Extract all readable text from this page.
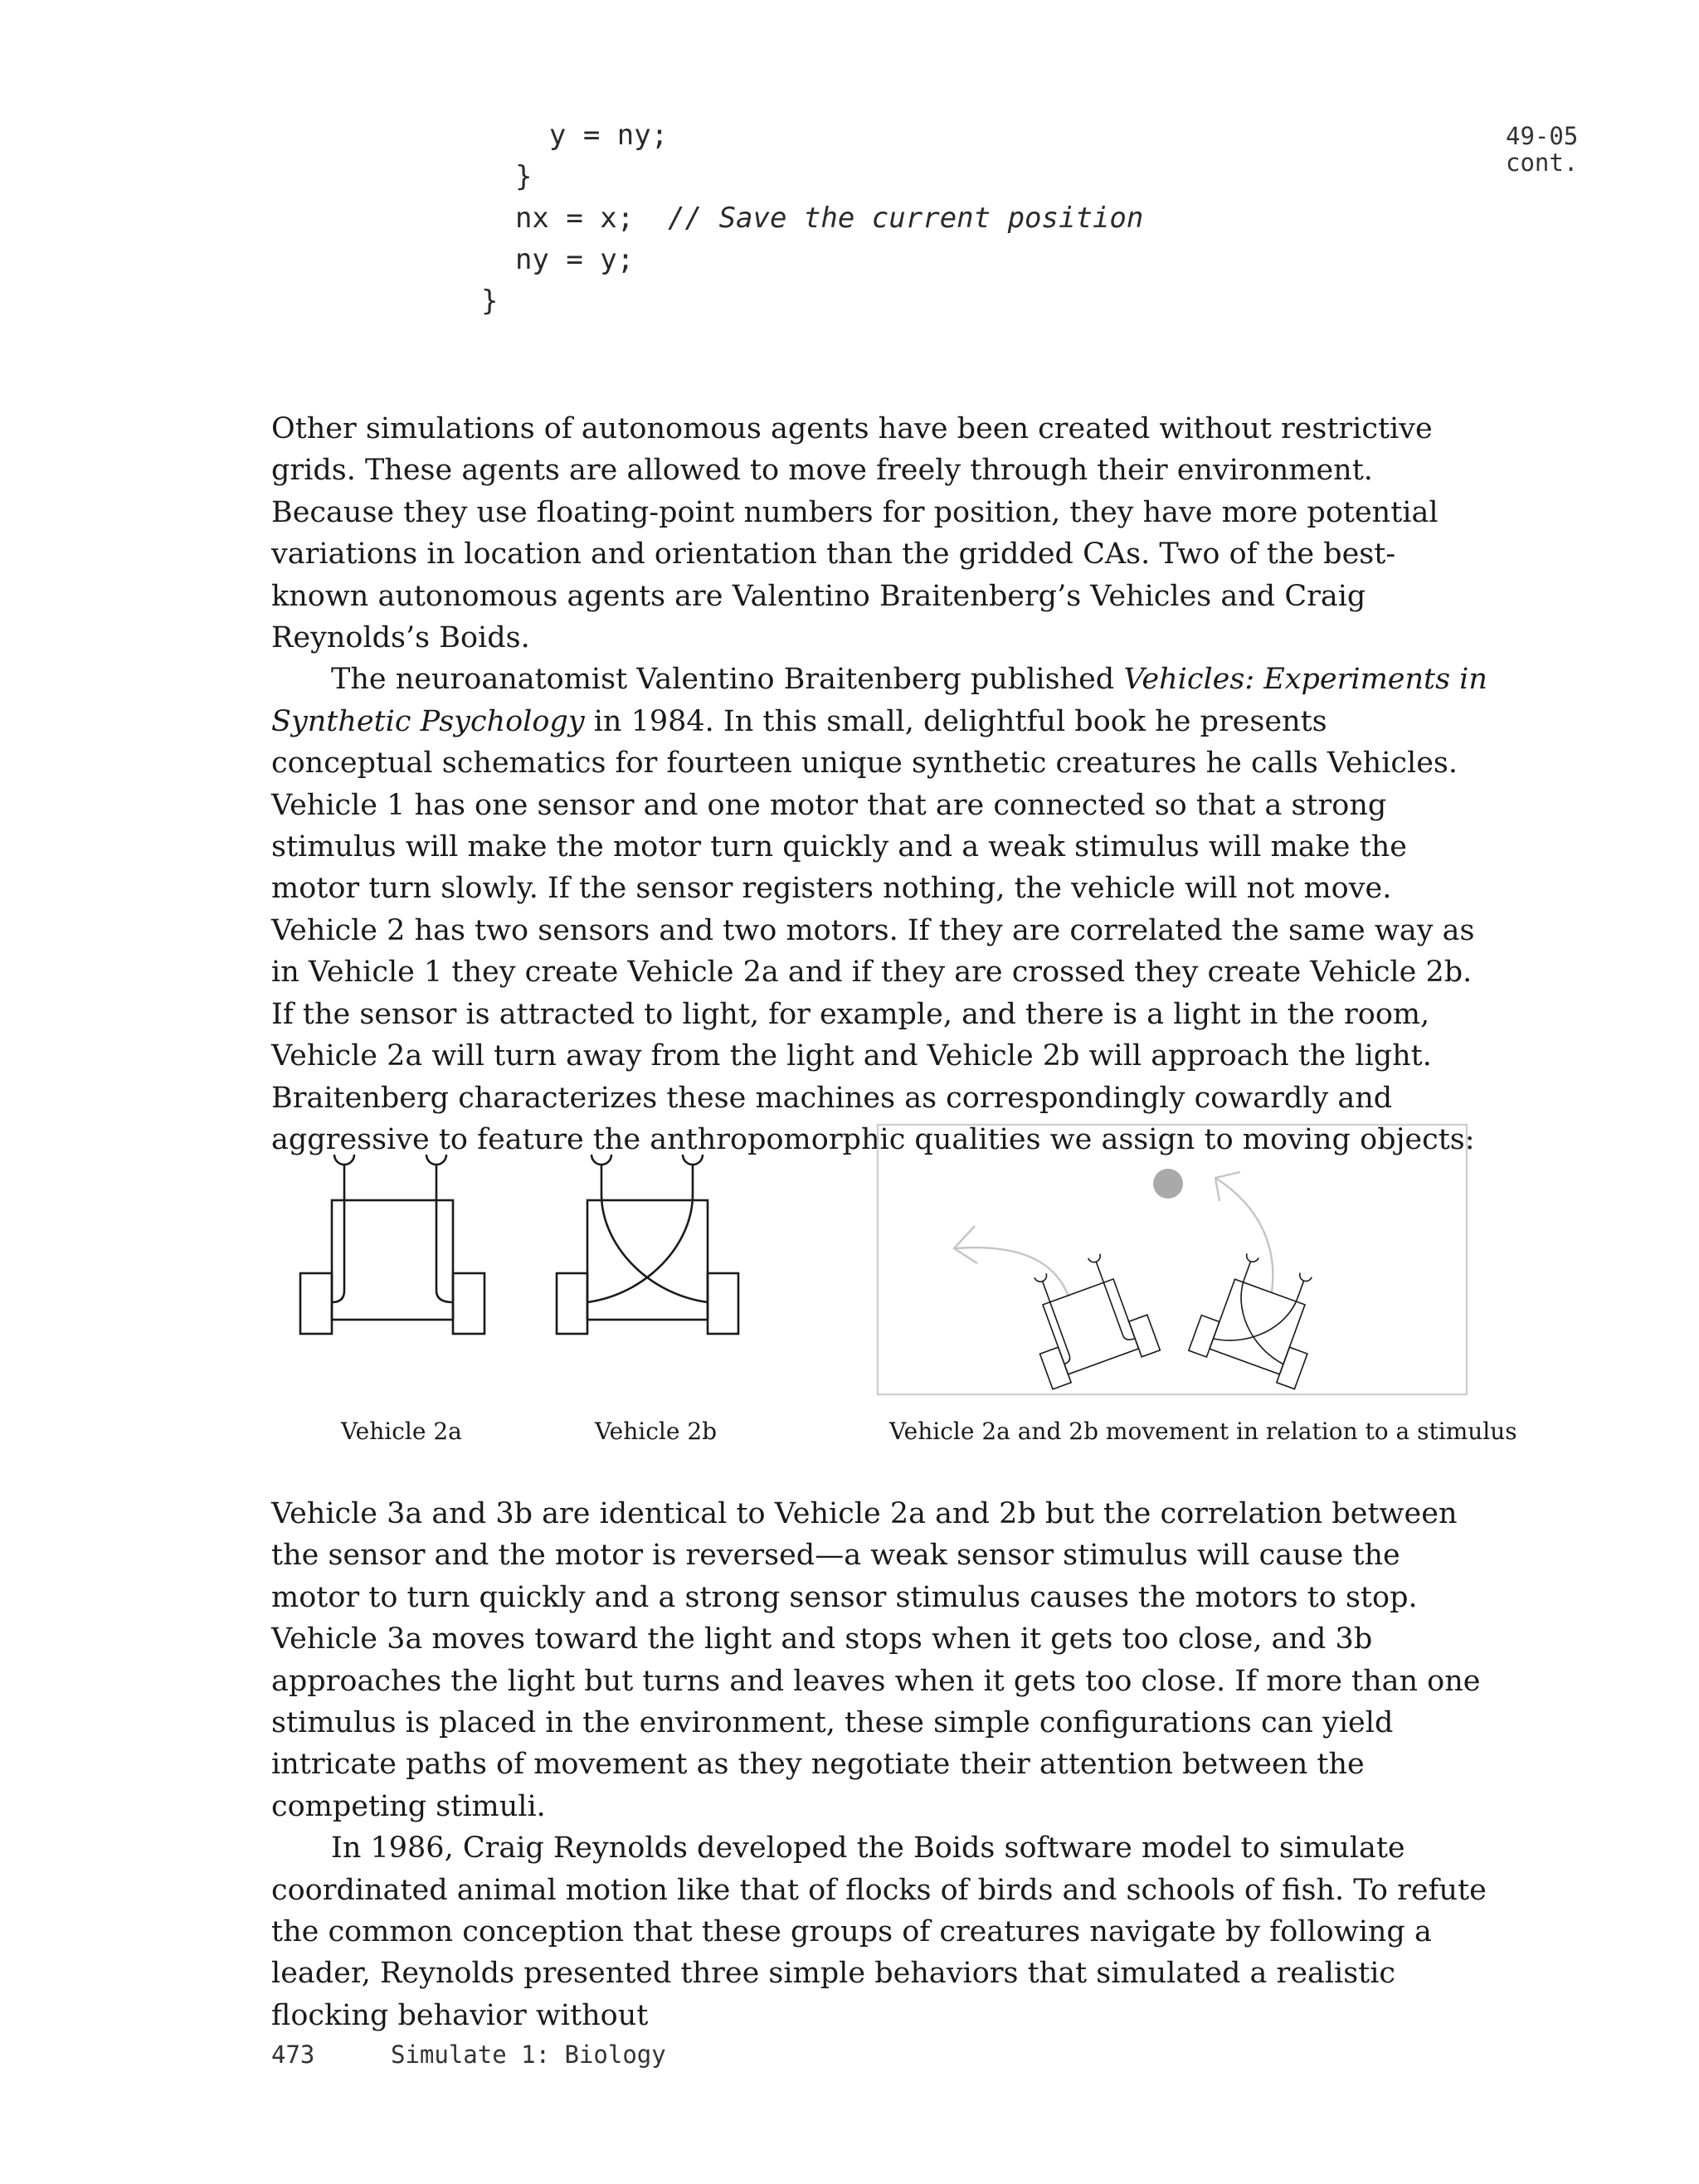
y = ny;
}
nx = x;  // Save the current position
ny = y;
}
49-05
cont.

Other simulations of autonomous agents have been created without restrictive grids. These agents are allowed to move freely through their environment. Because they use floating-point numbers for position, they have more potential variations in location and orientation than the gridded CAs. Two of the best-known autonomous agents are Valentino Braitenberg’s Vehicles and Craig Reynolds’s Boids.

The neuroanatomist Valentino Braitenberg published Vehicles: Experiments in Synthetic Psychology in 1984. In this small, delightful book he presents conceptual schematics for fourteen unique synthetic creatures he calls Vehicles. Vehicle 1 has one sensor and one motor that are connected so that a strong stimulus will make the motor turn quickly and a weak stimulus will make the motor turn slowly. If the sensor registers nothing, the vehicle will not move. Vehicle 2 has two sensors and two motors. If they are correlated the same way as in Vehicle 1 they create Vehicle 2a and if they are crossed they create Vehicle 2b. If the sensor is attracted to light, for example, and there is a light in the room, Vehicle 2a will turn away from the light and Vehicle 2b will approach the light. Braitenberg characterizes these machines as correspondingly cowardly and aggressive to feature the anthropomorphic qualities we assign to moving objects:

Vehicle 2a	Vehicle 2b	Vehicle 2a and 2b movement in relation to a stimulus

Vehicle 3a and 3b are identical to Vehicle 2a and 2b but the correlation between the sensor and the motor is reversed—a weak sensor stimulus will cause the motor to turn quickly and a strong sensor stimulus causes the motors to stop. Vehicle 3a moves toward the light and stops when it gets too close, and 3b approaches the light but turns and leaves when it gets too close. If more than one stimulus is placed in the environment, these simple configurations can yield intricate paths of movement as they negotiate their attention between the competing stimuli.

In 1986, Craig Reynolds developed the Boids software model to simulate coordinated animal motion like that of flocks of birds and schools of fish. To refute the common conception that these groups of creatures navigate by following a leader, Reynolds presented three simple behaviors that simulated a realistic flocking behavior without

473	Simulate 1: Biology
